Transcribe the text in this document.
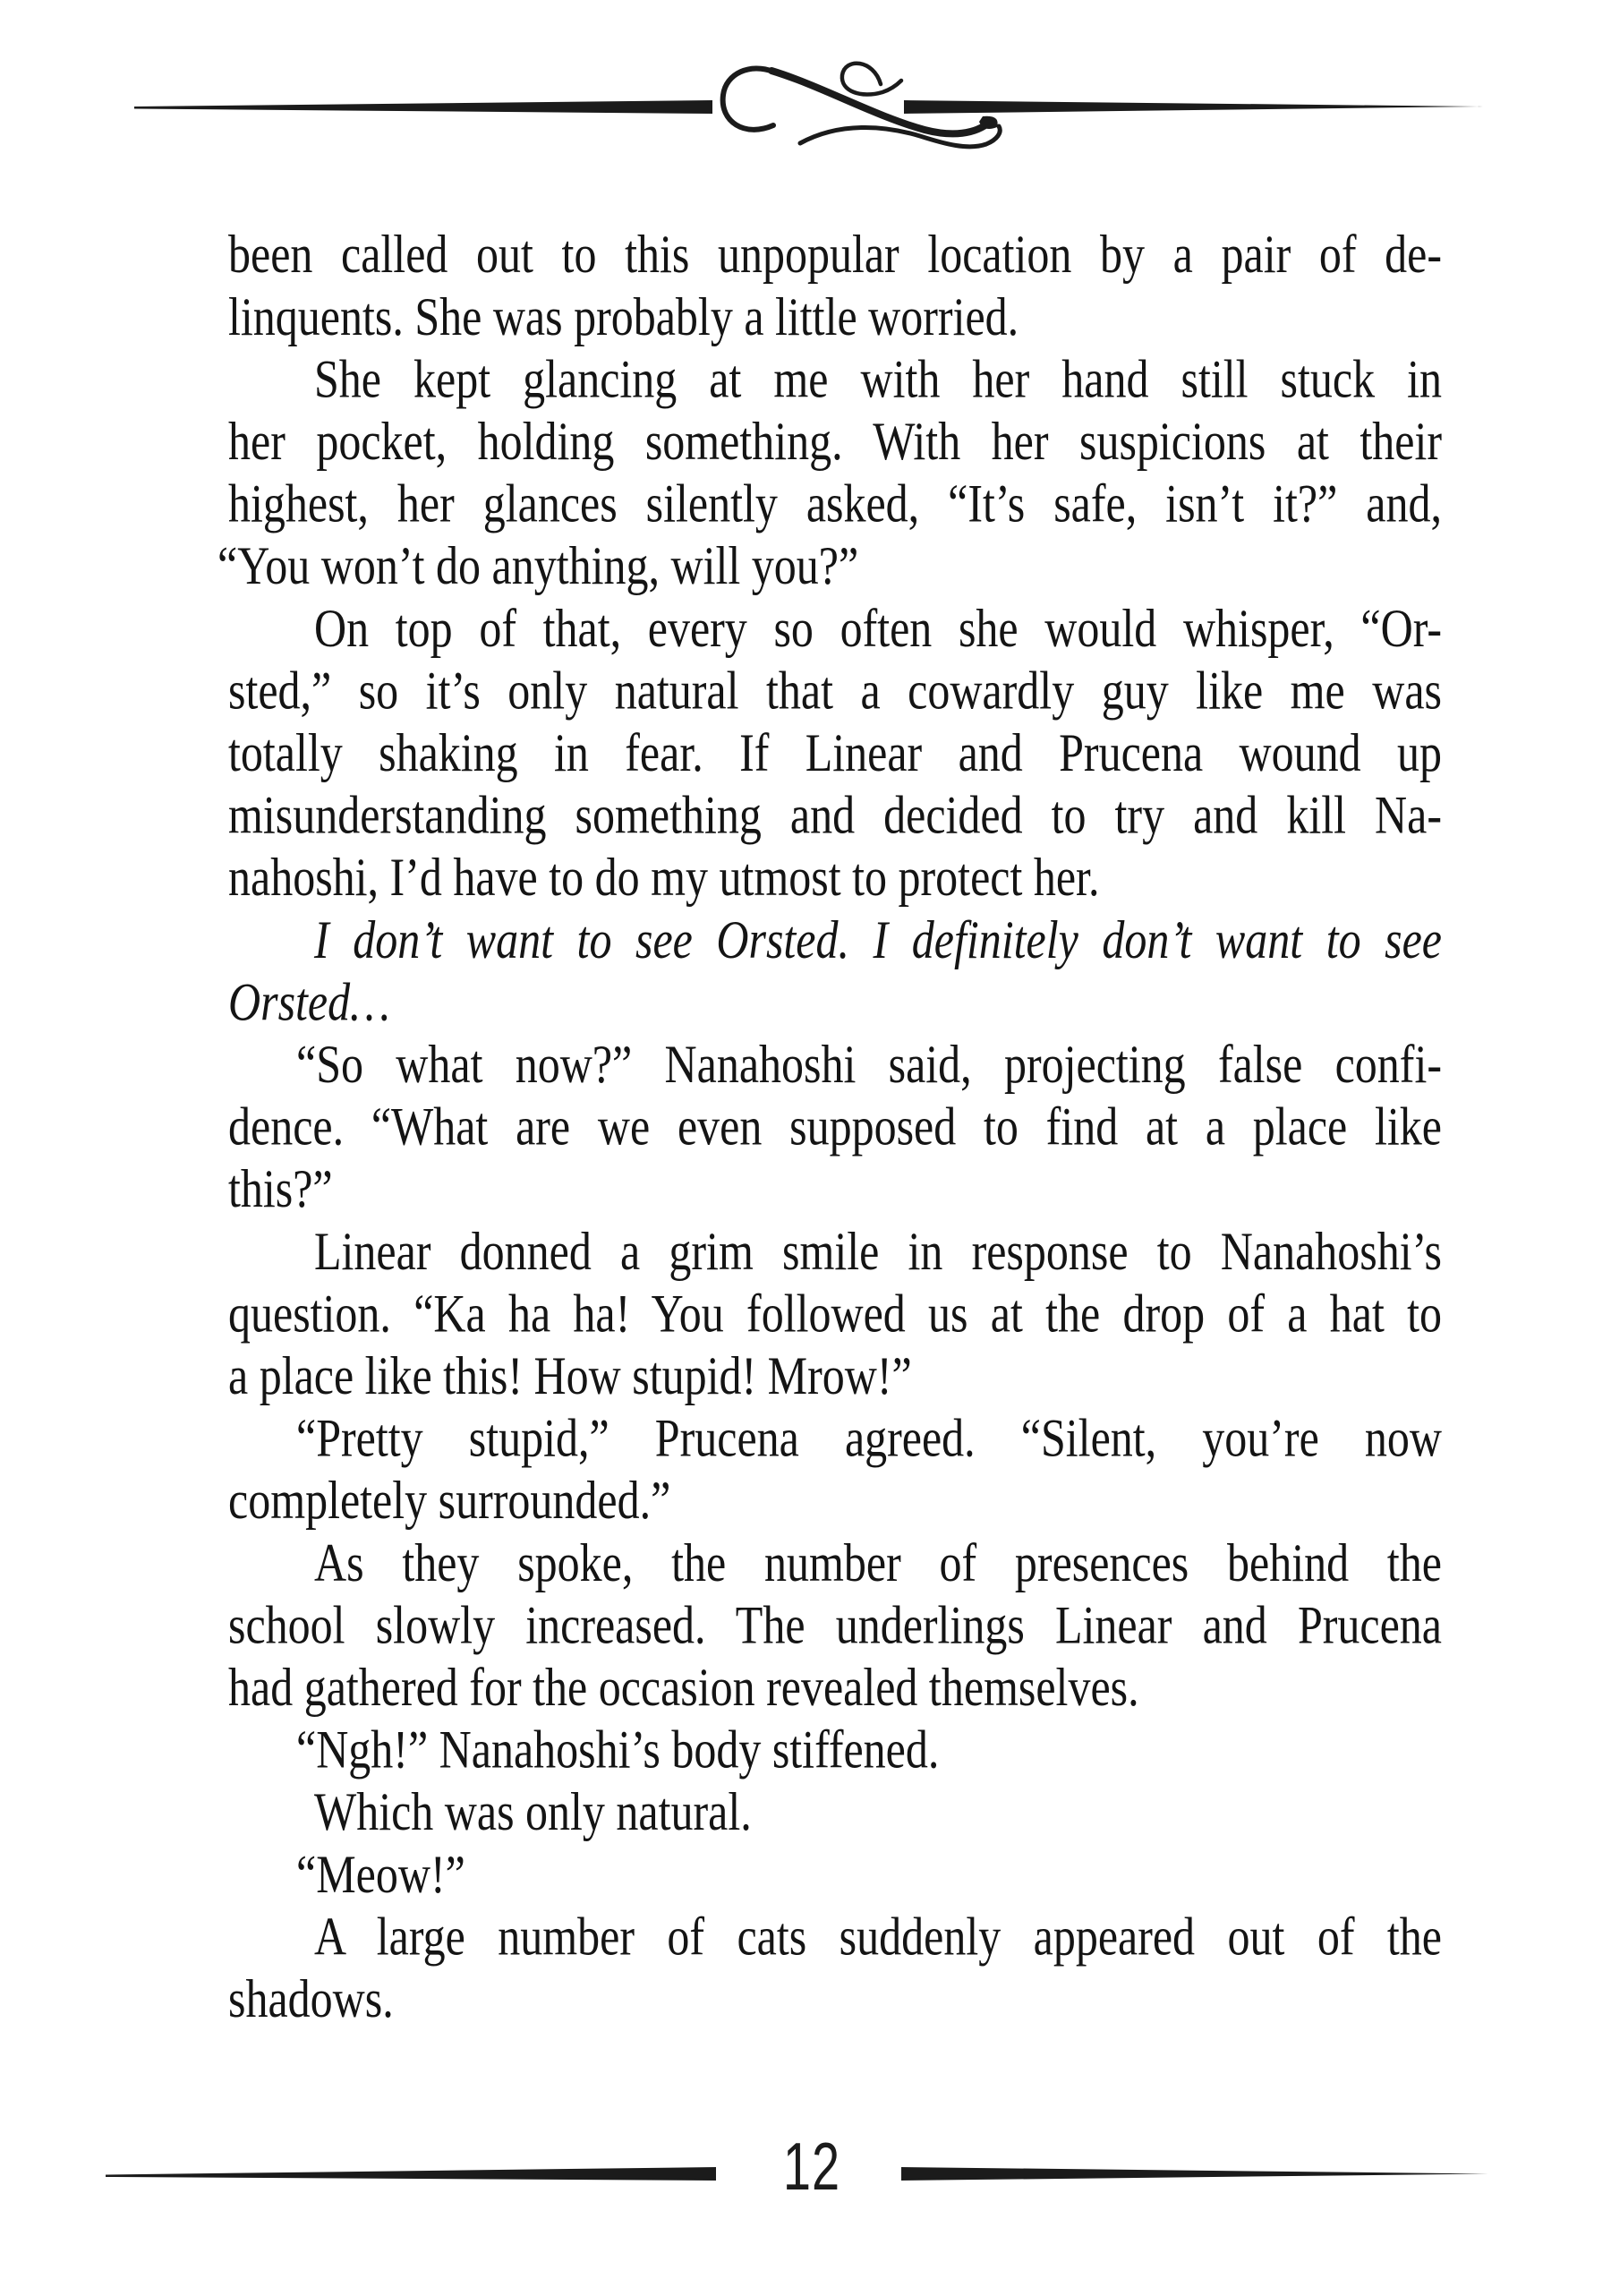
been called out to this unpopular location by a pair of de-
linquents. She was probably a little worried.
She kept glancing at me with her hand still stuck in
her pocket, holding something. With her suspicions at their
highest, her glances silently asked, “It’s safe, isn’t it?” and,
“You won’t do anything, will you?”
On top of that, every so often she would whisper, “Or-
sted,” so it’s only natural that a cowardly guy like me was
totally shaking in fear. If Linear and Prucena wound up
misunderstanding something and decided to try and kill Na-
nahoshi, I’d have to do my utmost to protect her.
I don’t want to see Orsted. I definitely don’t want to see
Orsted…
“So what now?” Nanahoshi said, projecting false confi-
dence. “What are we even supposed to find at a place like
this?”
Linear donned a grim smile in response to Nanahoshi’s
question. “Ka ha ha! You followed us at the drop of a hat to
a place like this! How stupid! Mrow!”
“Pretty stupid,” Prucena agreed. “Silent, you’re now
completely surrounded.”
As they spoke, the number of presences behind the
school slowly increased. The underlings Linear and Prucena
had gathered for the occasion revealed themselves.
“Ngh!” Nanahoshi’s body stiffened.
Which was only natural.
“Meow!”
A large number of cats suddenly appeared out of the
shadows.
12
